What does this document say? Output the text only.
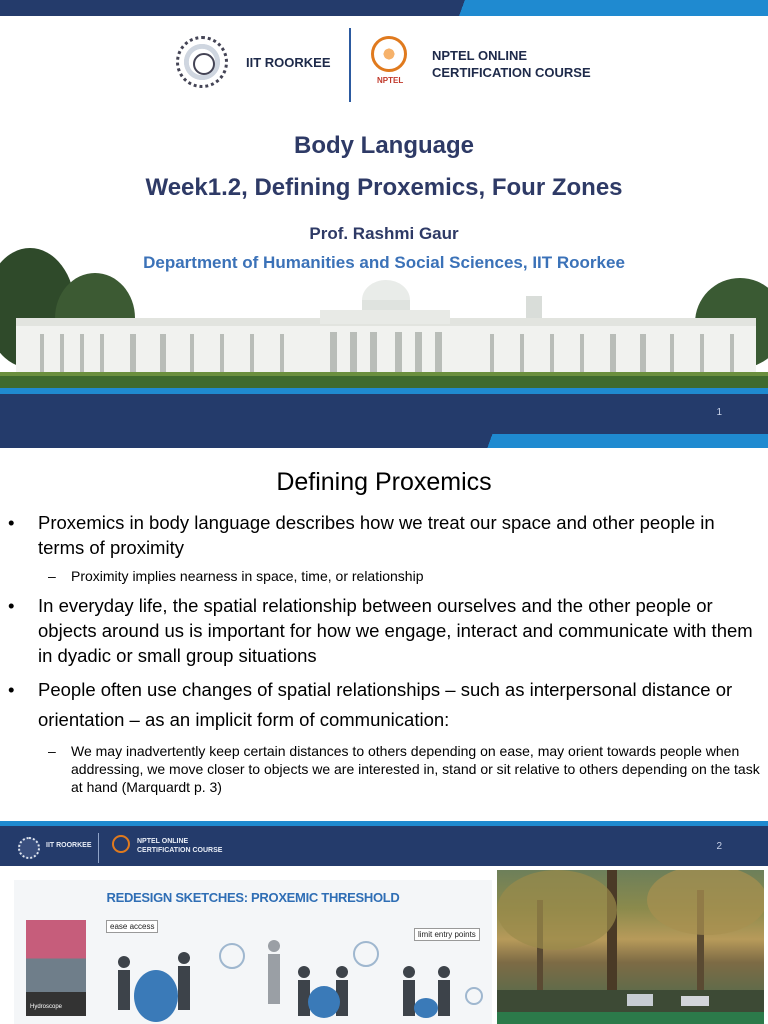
IIT ROORKEE
NPTEL
NPTEL ONLINE
CERTIFICATION COURSE
Body Language
Week1.2, Defining Proxemics, Four Zones
Prof. Rashmi Gaur
Department of Humanities and Social Sciences, IIT Roorkee
1
Defining Proxemics
• Proxemics in body language describes how we treat our space and other people in terms of proximity
– Proximity implies nearness in space, time, or relationship
• In everyday life, the spatial relationship between ourselves and the other people or objects around us is important for how we engage, interact and communicate with them in dyadic or small group situations
• People often use changes of spatial relationships – such as interpersonal distance or orientation – as an implicit form of communication:
– We may inadvertently keep certain distances to others depending on ease, may orient towards people when addressing, we move closer to objects we are interested in, stand or sit relative to others depending on the task at hand (Marquardt p. 3)
IIT ROORKEE
NPTEL ONLINE
CERTIFICATION COURSE	2
REDESIGN SKETCHES: PROXEMIC THRESHOLD
Hydroscope
ease access
limit entry points
